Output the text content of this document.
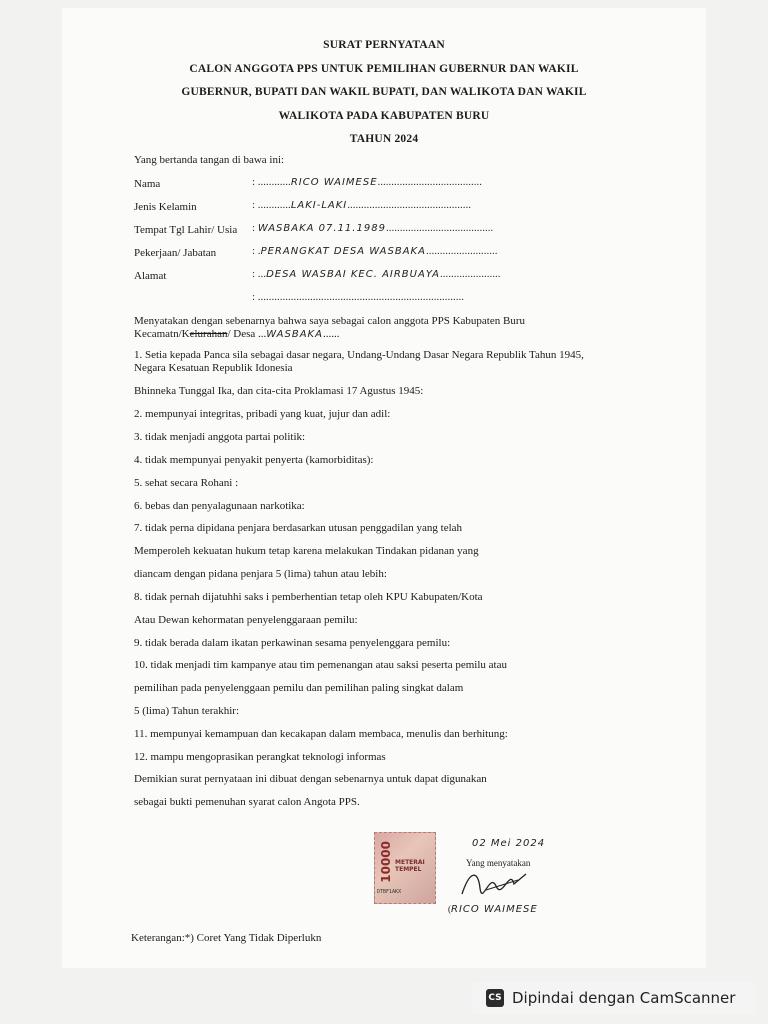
SURAT PERNYATAAN
CALON ANGGOTA PPS UNTUK PEMILIHAN GUBERNUR DAN WAKIL
GUBERNUR, BUPATI DAN WAKIL BUPATI, DAN WALIKOTA DAN WAKIL
WALIKOTA PADA KABUPATEN BURU
TAHUN 2024
Yang bertanda tangan di bawa ini:
Nama	: ............RICO WAIMESE......................................
Jenis Kelamin	: ............LAKI-LAKI.............................................
Tempat Tgl Lahir/ Usia : WASBAKA 07.11.1989.......................................
Pekerjaan/ Jabatan	: .PERANGKAT DESA WASBAKA..........................
Alamat	: ...DESA WASBAI KEC. AIRBUAYA......................
: ...........................................................................
Menyatakan dengan sebenarnya bahwa saya sebagai calon anggota PPS Kabupaten Buru
Kecamatn/Kelurahan/ Desa ...WASBAKA......
1. Setia kepada Panca sila sebagai dasar negara, Undang-Undang Dasar Negara Republik Tahun 1945,
Negara Kesatuan Republik Idonesia
Bhinneka Tunggal Ika, dan cita-cita Proklamasi 17 Agustus 1945:
2. mempunyai integritas, pribadi yang kuat, jujur dan adil:
3. tidak menjadi anggota partai politik:
4. tidak mempunyai penyakit penyerta (kamorbiditas):
5. sehat secara Rohani :
6. bebas dan penyalagunaan narkotika:
7. tidak perna dipidana penjara berdasarkan utusan penggadilan yang telah
Memperoleh kekuatan hukum tetap karena melakukan Tindakan pidanan yang
diancam dengan pidana penjara 5 (lima) tahun atau lebih:
8. tidak pernah dijatuhhi saks i pemberhentian tetap oleh KPU Kabupaten/Kota
Atau Dewan kehormatan penyelenggaraan pemilu:
9. tidak berada dalam ikatan perkawinan sesama penyelenggara pemilu:
10. tidak menjadi tim kampanye atau tim pemenangan atau saksi peserta pemilu atau
pemilihan pada penyelenggaan pemilu dan pemilihan paling singkat dalam
5 (lima) Tahun terakhir:
11. mempunyai kemampuan dan kecakapan dalam membaca, menulis dan berhitung:
12. mampu mengoprasikan perangkat teknologi informas
Demikian surat pernyataan ini dibuat dengan sebenarnya untuk dapat digunakan
sebagai bukti pemenuhan syarat calon Angota PPS.
10000 METERAI TEMPEL
DTBF1AKX
02 Mei 2024
Yang menyatakan
(RICO WAIMESE
Keterangan:*) Coret Yang Tidak Diperlukn
CS Dipindai dengan CamScanner
